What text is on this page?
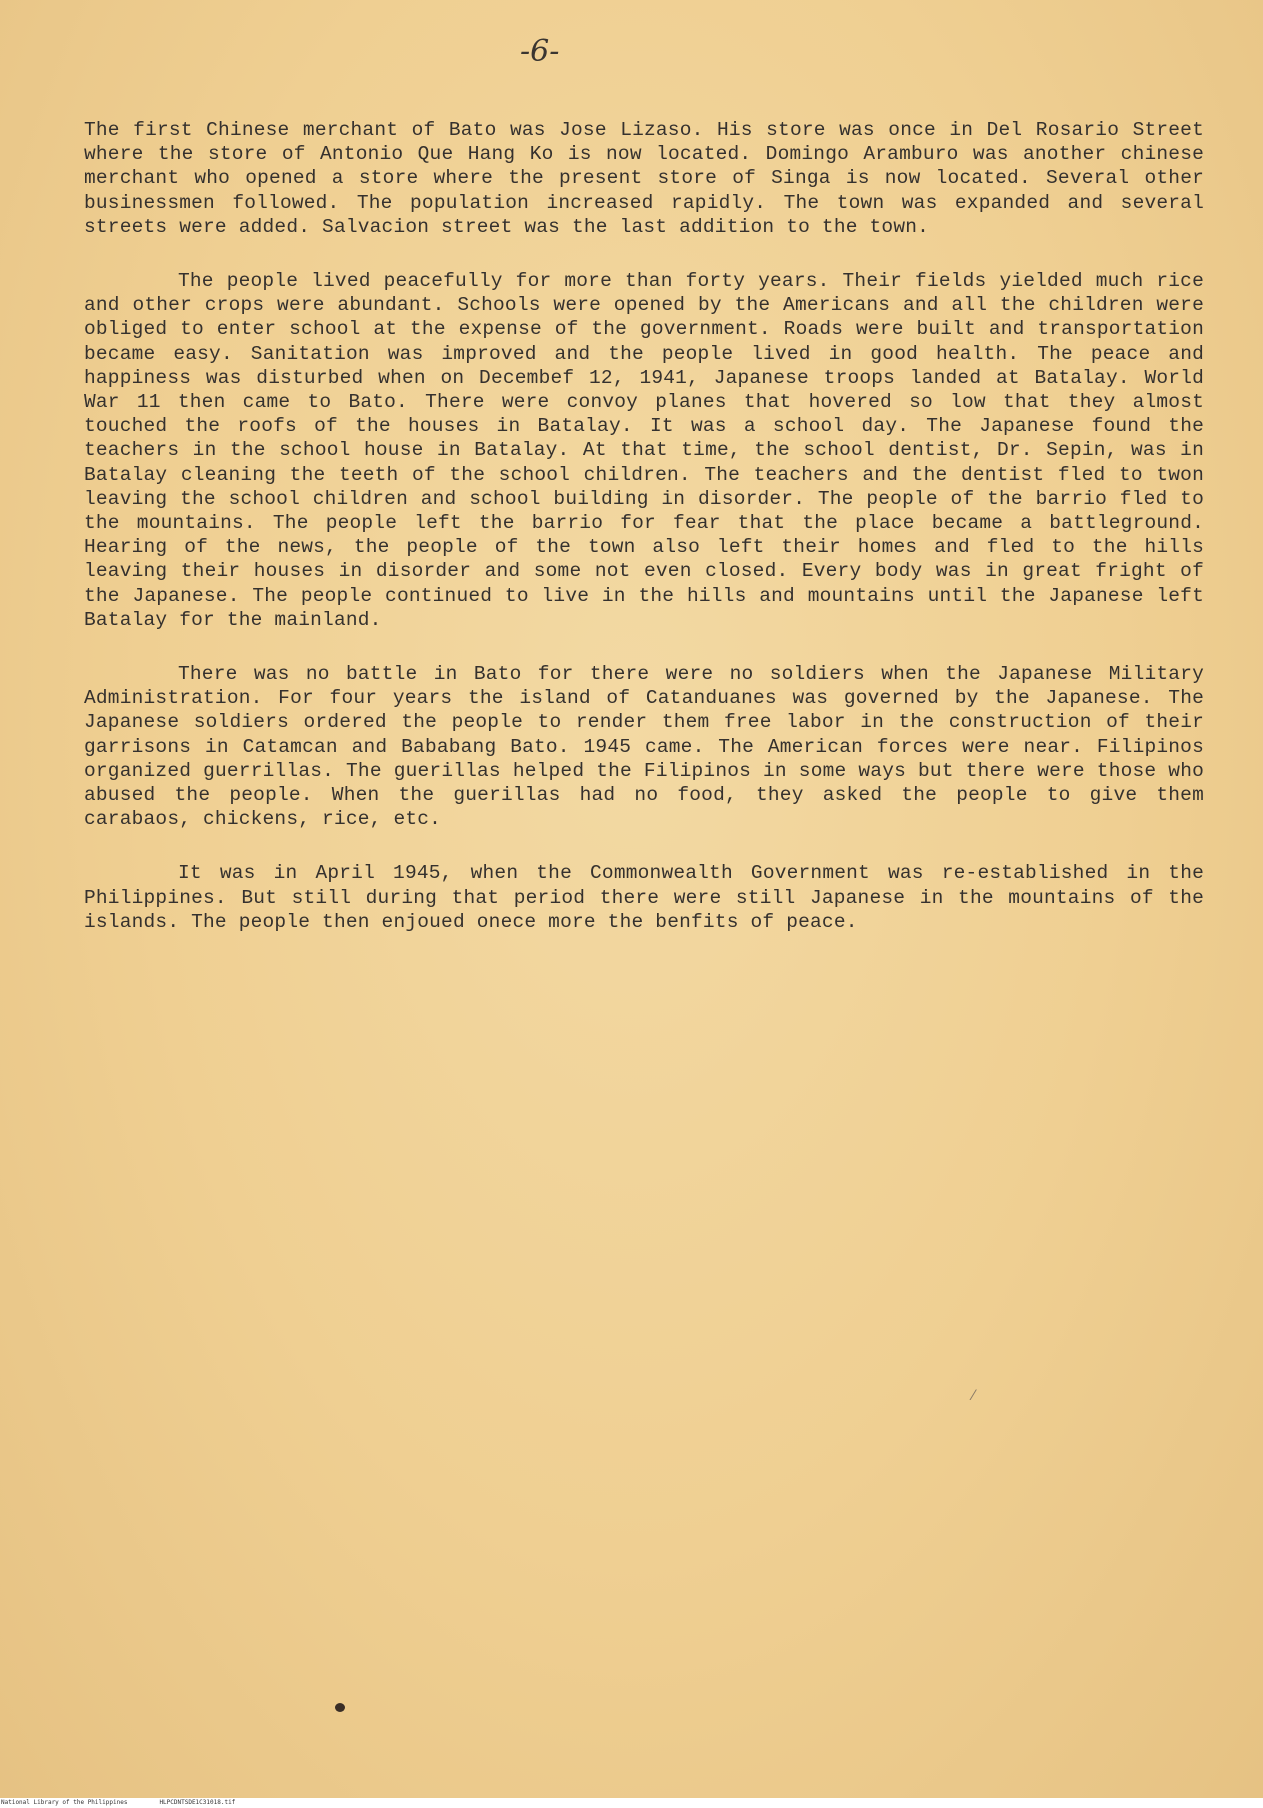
-6-

The first Chinese merchant of Bato was Jose Lizaso. His store was once in Del Rosario Street where the store of Antonio Que Hang Ko is now located. Domingo Aramburo was another chinese merchant who opened a store where the present store of Singa is now located. Several other businessmen followed. The population increased rapidly. The town was expanded and several streets were added. Salvacion street was the last addition to the town.

The people lived peacefully for more than forty years. Their fields yielded much rice and other crops were abundant. Schools were opened by the Americans and all the children were obliged to enter school at the expense of the government. Roads were built and transportation became easy. Sanitation was improved and the people lived in good health. The peace and happiness was disturbed when on Decembef 12, 1941, Japanese troops landed at Batalay. World War 11 then came to Bato. There were convoy planes that hovered so low that they almost touched the roofs of the houses in Batalay. It was a school day. The Japanese found the teachers in the school house in Batalay. At that time, the school dentist, Dr. Sepin, was in Batalay cleaning the teeth of the school children. The teachers and the dentist fled to twon leaving the school children and school building in disorder. The people of the barrio fled to the mountains. The people left the barrio for fear that the place became a battleground. Hearing of the news, the people of the town also left their homes and fled to the hills leaving their houses in disorder and some not even closed. Every body was in great fright of the Japanese. The people continued to live in the hills and mountains until the Japanese left Batalay for the mainland.

There was no battle in Bato for there were no soldiers when the Japanese Military Administration. For four years the island of Catanduanes was governed by the Japanese. The Japanese soldiers ordered the people to render them free labor in the construction of their garrisons in Catamcan and Bababang Bato. 1945 came. The American forces were near. Filipinos organized guerrillas. The guerillas helped the Filipinos in some ways but there were those who abused the people. When the guerillas had no food, they asked the people to give them carabaos, chickens, rice, etc.

It was in April 1945, when the Commonwealth Government was re-established in the Philippines. But still during that period there were still Japanese in the mountains of the islands. The people then enjoued onece more the benfits of peace.

⁄
National Library of the Philippines	HLPCDNTSDE1C31018.tif
